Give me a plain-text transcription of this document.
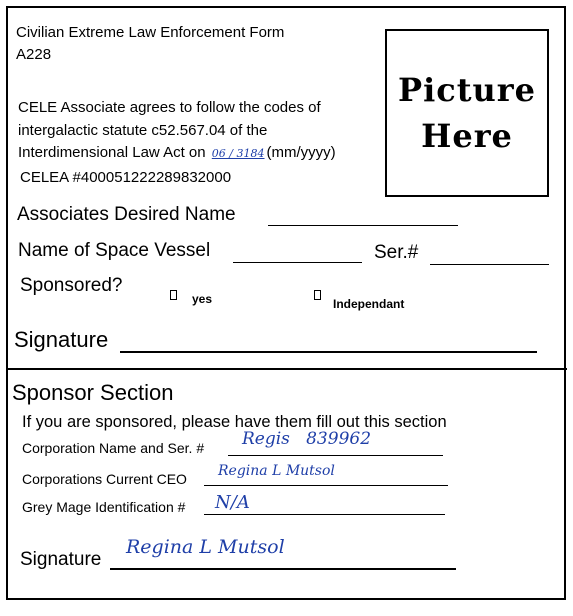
Civilian Extreme Law Enforcement Form
A228
CELE Associate agrees to follow the codes of
intergalactic statute c52.567.04 of the
Interdimensional Law Act on 06 / 3184 (mm/yyyy)
CELEA #400051222289832000
Picture
Here
Associates Desired Name
Name of Space Vessel	Ser.#
Sponsored?
yes	Independant
Signature
Sponsor Section
If you are sponsored, please have them fill out this section
Corporation Name and Ser. # Regis   839962
Corporations Current CEO Regina L Mutsol
Grey Mage Identification # N/A
Signature
Regina L Mutsol
